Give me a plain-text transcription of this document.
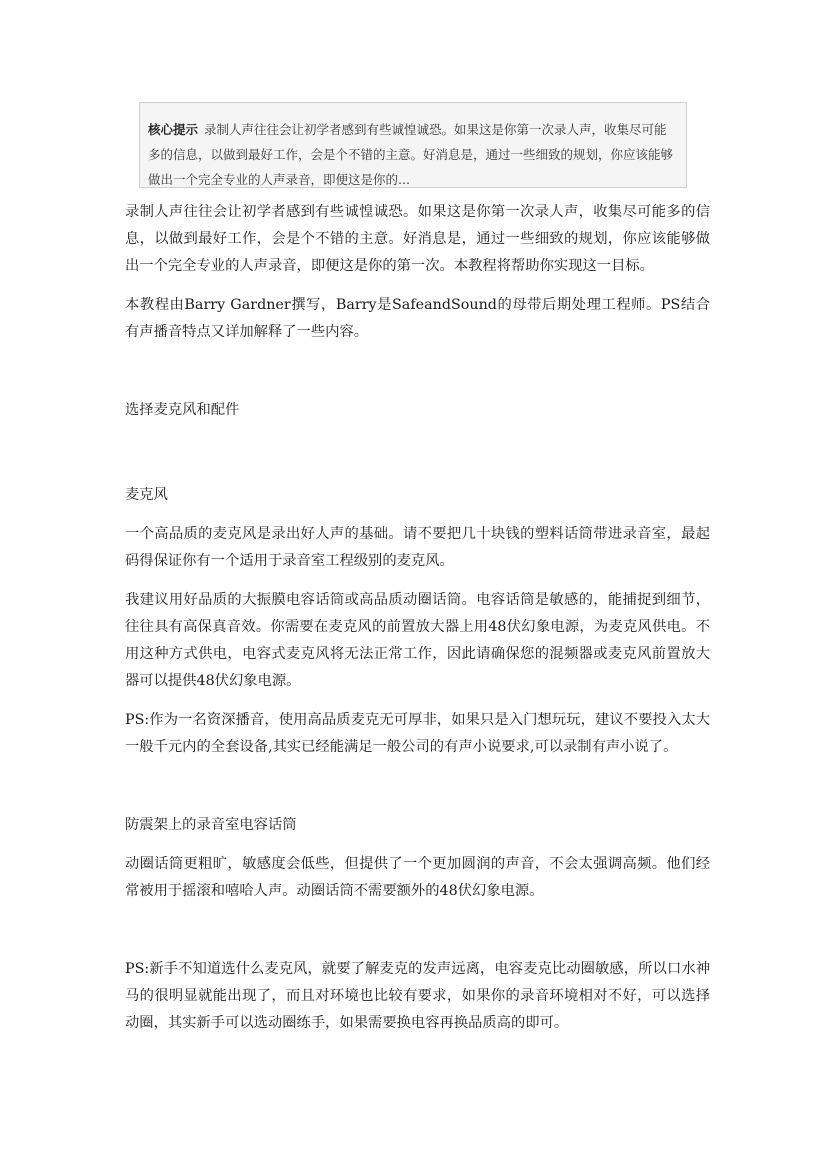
核心提示 录制人声往往会让初学者感到有些诚惶诚恐。如果这是你第一次录人声，收集尽可能多的信息，以做到最好工作，会是个不错的主意。好消息是，通过一些细致的规划，你应该能够做出一个完全专业的人声录音，即便这是你的...

录制人声往往会让初学者感到有些诚惶诚恐。如果这是你第一次录人声，收集尽可能多的信息，以做到最好工作，会是个不错的主意。好消息是，通过一些细致的规划，你应该能够做出一个完全专业的人声录音，即便这是你的第一次。本教程将帮助你实现这一目标。

本教程由Barry Gardner撰写，Barry是SafeandSound的母带后期处理工程师。PS结合有声播音特点又详加解释了一些内容。

选择麦克风和配件

麦克风

一个高品质的麦克风是录出好人声的基础。请不要把几十块钱的塑料话筒带进录音室，最起码得保证你有一个适用于录音室工程级别的麦克风。

我建议用好品质的大振膜电容话筒或高品质动圈话筒。电容话筒是敏感的，能捕捉到细节，往往具有高保真音效。你需要在麦克风的前置放大器上用48伏幻象电源，为麦克风供电。不用这种方式供电，电容式麦克风将无法正常工作，因此请确保您的混频器或麦克风前置放大器可以提供48伏幻象电源。

PS:作为一名资深播音，使用高品质麦克无可厚非，如果只是入门想玩玩，建议不要投入太大一般千元内的全套设备,其实已经能满足一般公司的有声小说要求,可以录制有声小说了。

防震架上的录音室电容话筒

动圈话筒更粗旷，敏感度会低些，但提供了一个更加圆润的声音，不会太强调高频。他们经常被用于摇滚和嘻哈人声。动圈话筒不需要额外的48伏幻象电源。

PS:新手不知道选什么麦克风，就要了解麦克的发声远离，电容麦克比动圈敏感，所以口水神马的很明显就能出现了，而且对环境也比较有要求，如果你的录音环境相对不好，可以选择动圈，其实新手可以选动圈练手，如果需要换电容再换品质高的即可。
